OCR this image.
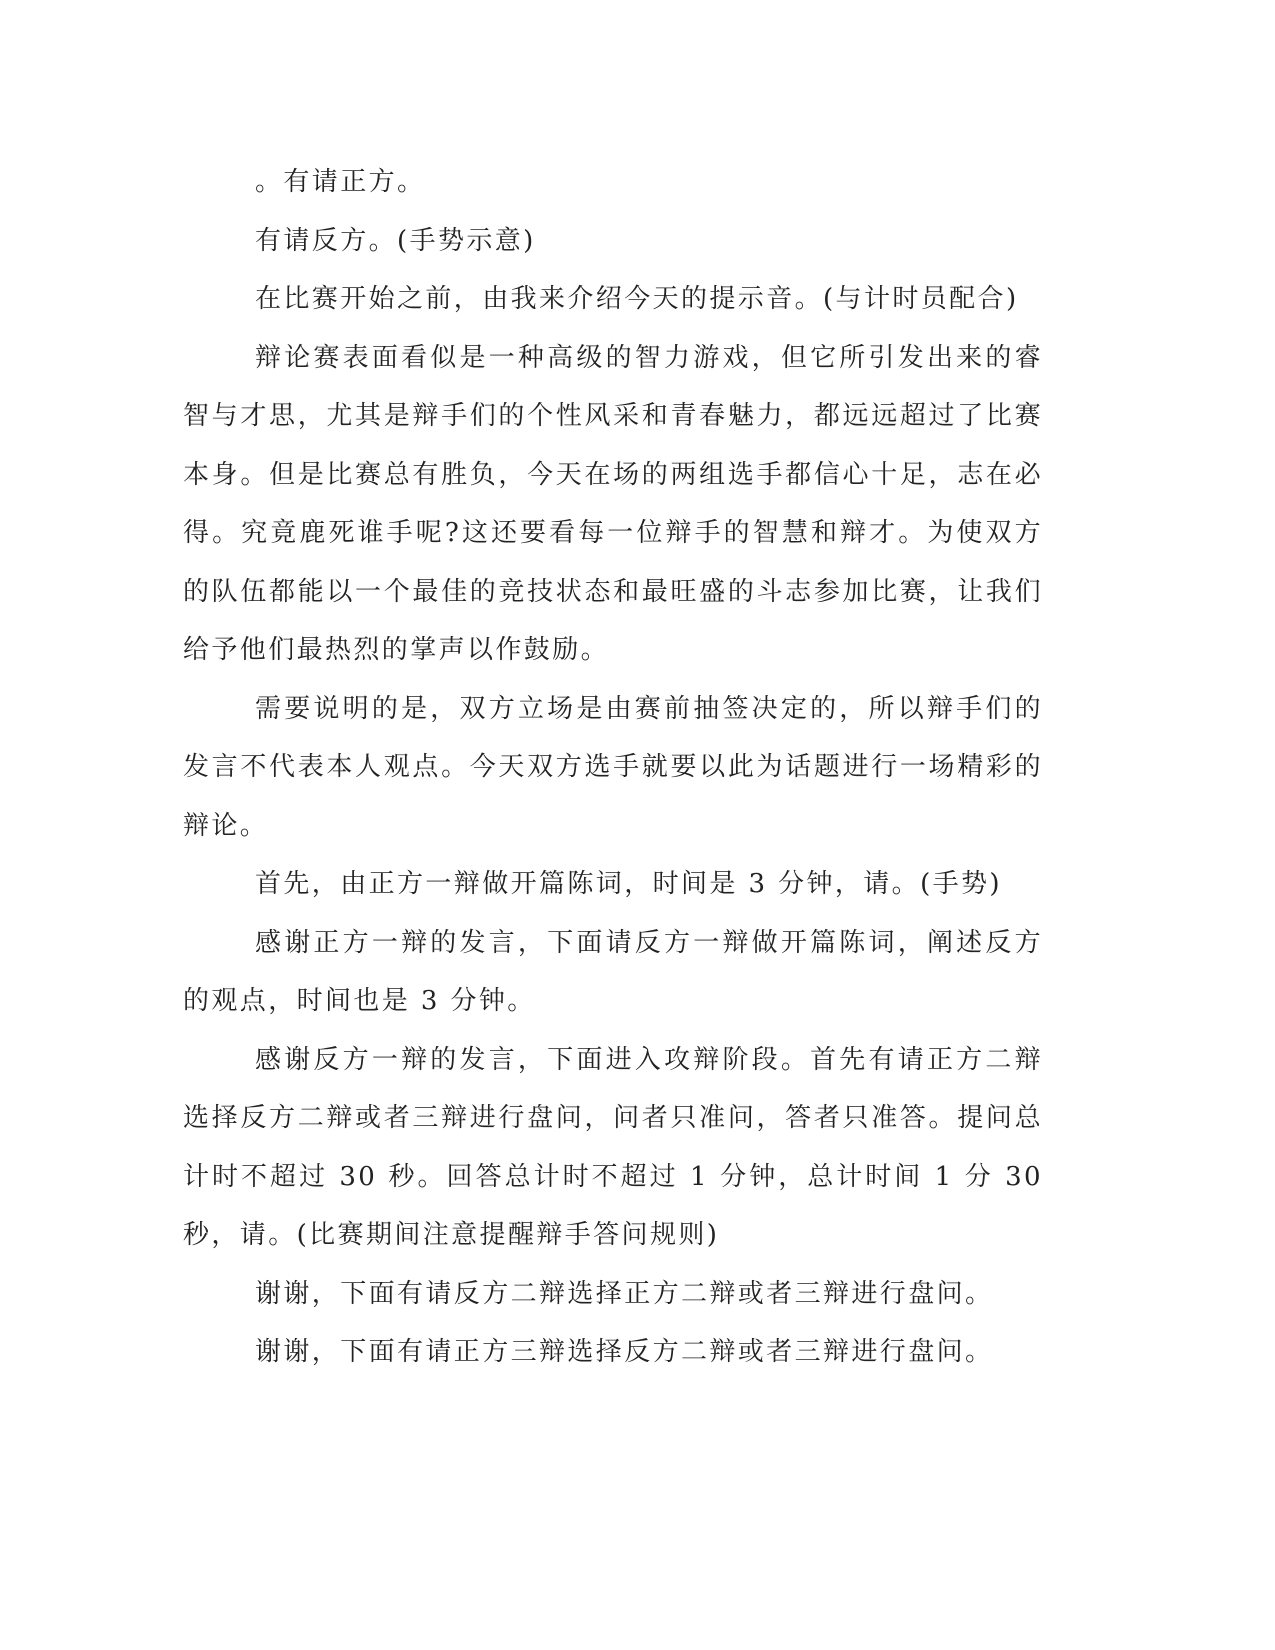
。有请正方。

有请反方。(手势示意)

在比赛开始之前，由我来介绍今天的提示音。(与计时员配合)

辩论赛表面看似是一种高级的智力游戏，但它所引发出来的睿智与才思，尤其是辩手们的个性风采和青春魅力，都远远超过了比赛本身。但是比赛总有胜负，今天在场的两组选手都信心十足，志在必得。究竟鹿死谁手呢?这还要看每一位辩手的智慧和辩才。为使双方的队伍都能以一个最佳的竞技状态和最旺盛的斗志参加比赛，让我们给予他们最热烈的掌声以作鼓励。

需要说明的是，双方立场是由赛前抽签决定的，所以辩手们的发言不代表本人观点。今天双方选手就要以此为话题进行一场精彩的辩论。

首先，由正方一辩做开篇陈词，时间是 3 分钟，请。(手势)

感谢正方一辩的发言，下面请反方一辩做开篇陈词，阐述反方的观点，时间也是 3 分钟。

感谢反方一辩的发言，下面进入攻辩阶段。首先有请正方二辩选择反方二辩或者三辩进行盘问，问者只准问，答者只准答。提问总计时不超过 30 秒。回答总计时不超过 1 分钟，总计时间 1 分 30 秒，请。(比赛期间注意提醒辩手答问规则)

谢谢，下面有请反方二辩选择正方二辩或者三辩进行盘问。

谢谢，下面有请正方三辩选择反方二辩或者三辩进行盘问。
